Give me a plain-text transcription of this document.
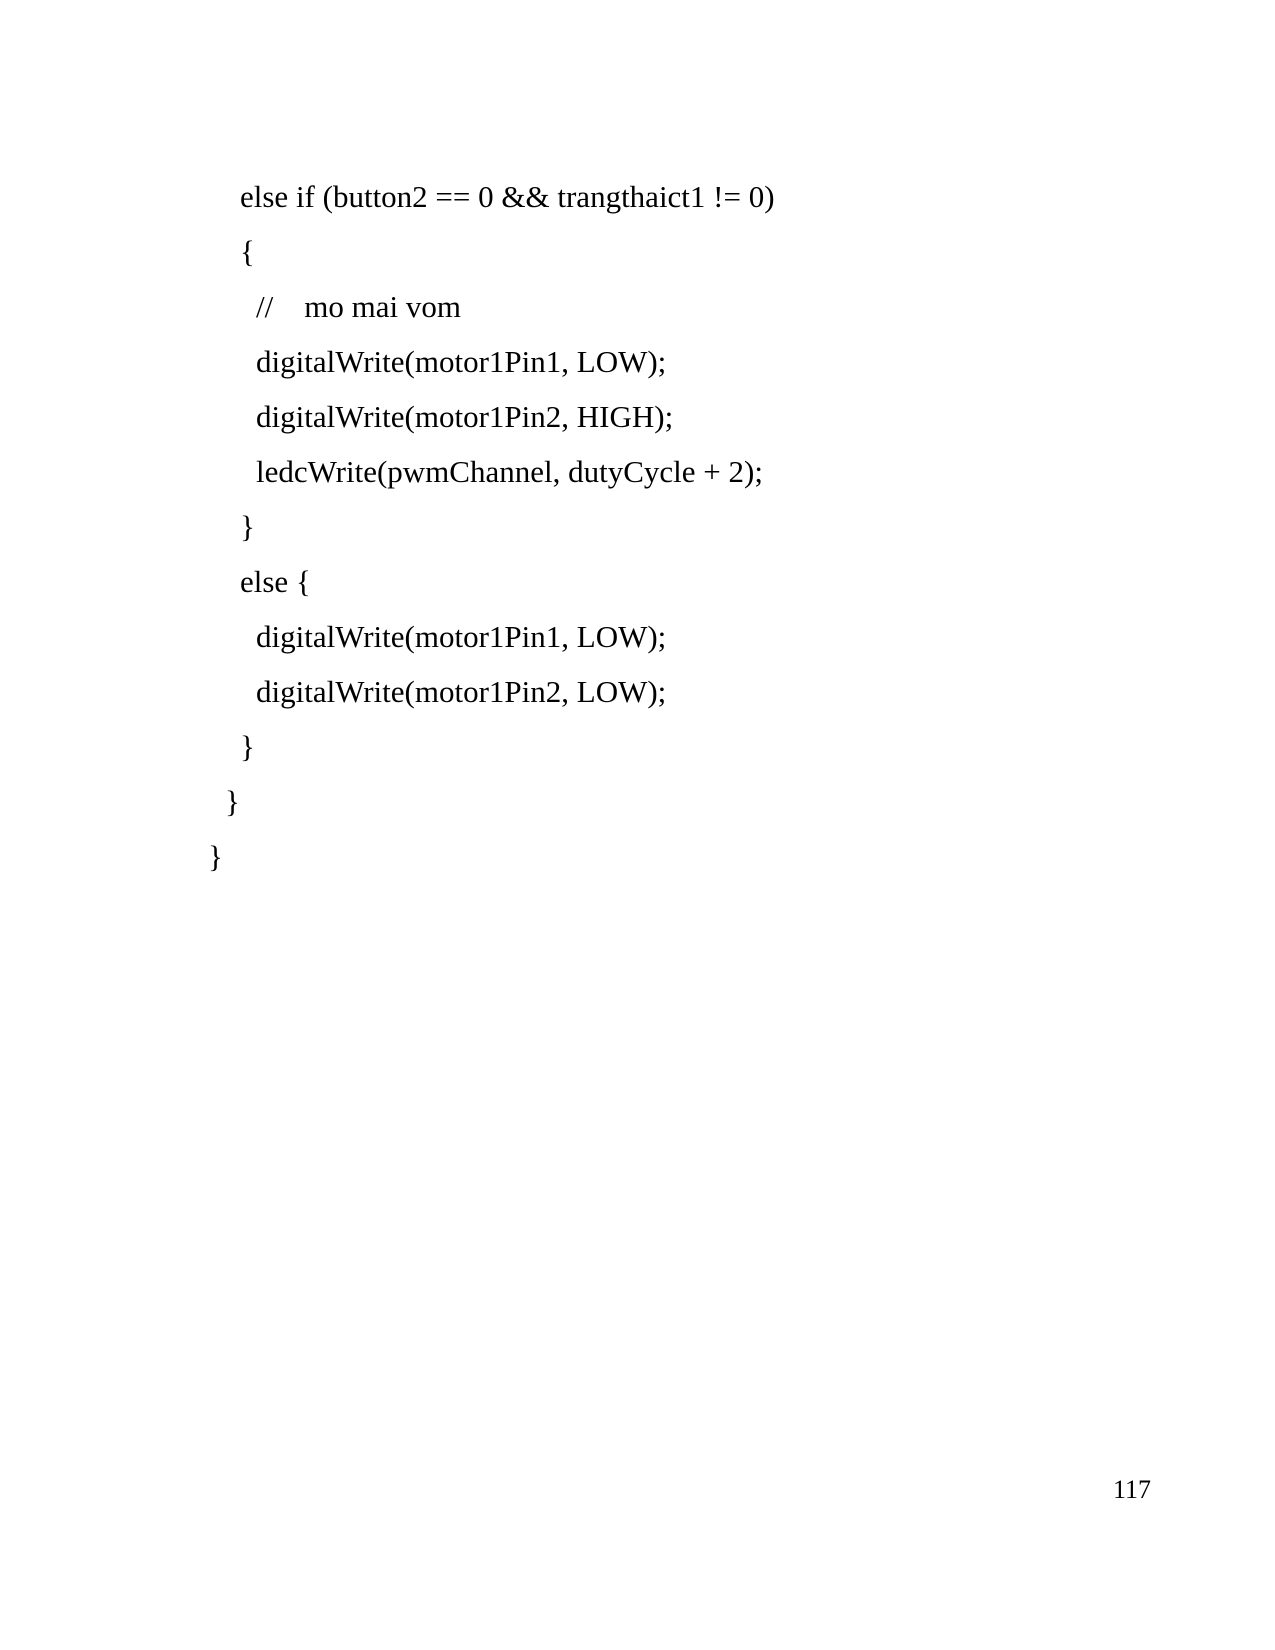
else if (button2 == 0 && trangthaict1 != 0)
{
//    mo mai vom
digitalWrite(motor1Pin1, LOW);
digitalWrite(motor1Pin2, HIGH);
ledcWrite(pwmChannel, dutyCycle + 2);
}
else {
digitalWrite(motor1Pin1, LOW);
digitalWrite(motor1Pin2, LOW);
}
}
}
117
